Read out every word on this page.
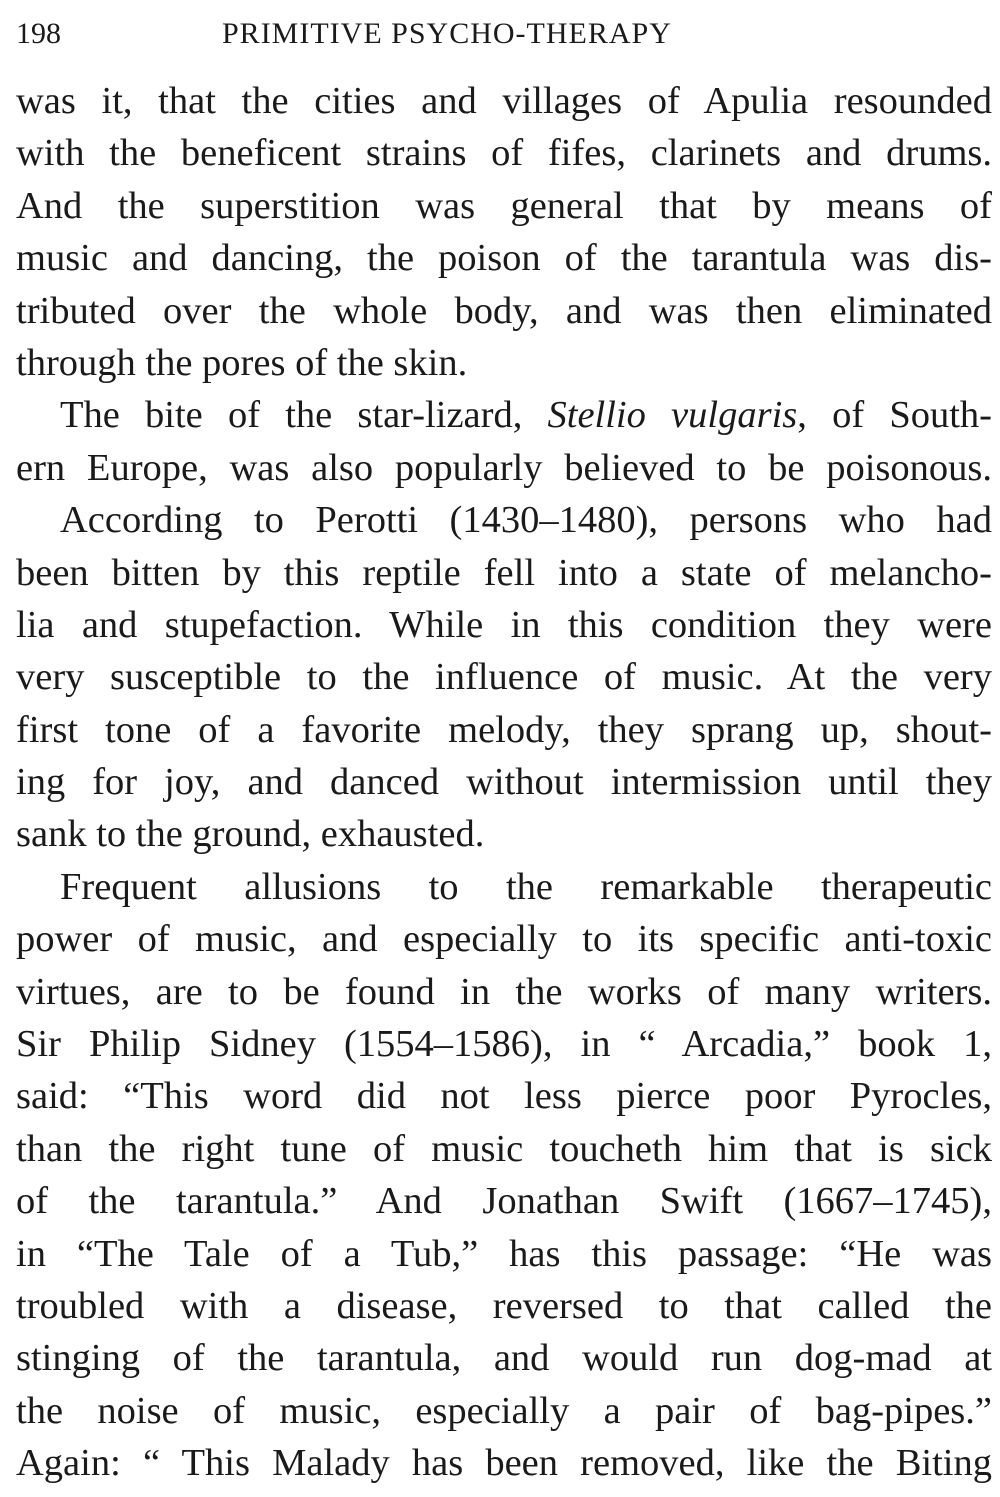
198	PRIMITIVE PSYCHO-THERAPY
was it, that the cities and villages of Apulia resounded
with the beneficent strains of fifes, clarinets and drums.
And the superstition was general that by means of
music and dancing, the poison of the tarantula was dis-
tributed over the whole body, and was then eliminated
through the pores of the skin.
The bite of the star-lizard, Stellio vulgaris, of South-
ern Europe, was also popularly believed to be poisonous.
According to Perotti (1430–1480), persons who had
been bitten by this reptile fell into a state of melancho-
lia and stupefaction. While in this condition they were
very susceptible to the influence of music. At the very
first tone of a favorite melody, they sprang up, shout-
ing for joy, and danced without intermission until they
sank to the ground, exhausted.
Frequent allusions to the remarkable therapeutic
power of music, and especially to its specific anti-toxic
virtues, are to be found in the works of many writers.
Sir Philip Sidney (1554–1586), in “ Arcadia,” book 1,
said: “This word did not less pierce poor Pyrocles,
than the right tune of music toucheth him that is sick
of the tarantula.” And Jonathan Swift (1667–1745),
in “The Tale of a Tub,” has this passage: “He was
troubled with a disease, reversed to that called the
stinging of the tarantula, and would run dog-mad at
the noise of music, especially a pair of bag-pipes.”
Again: “ This Malady has been removed, like the Biting
